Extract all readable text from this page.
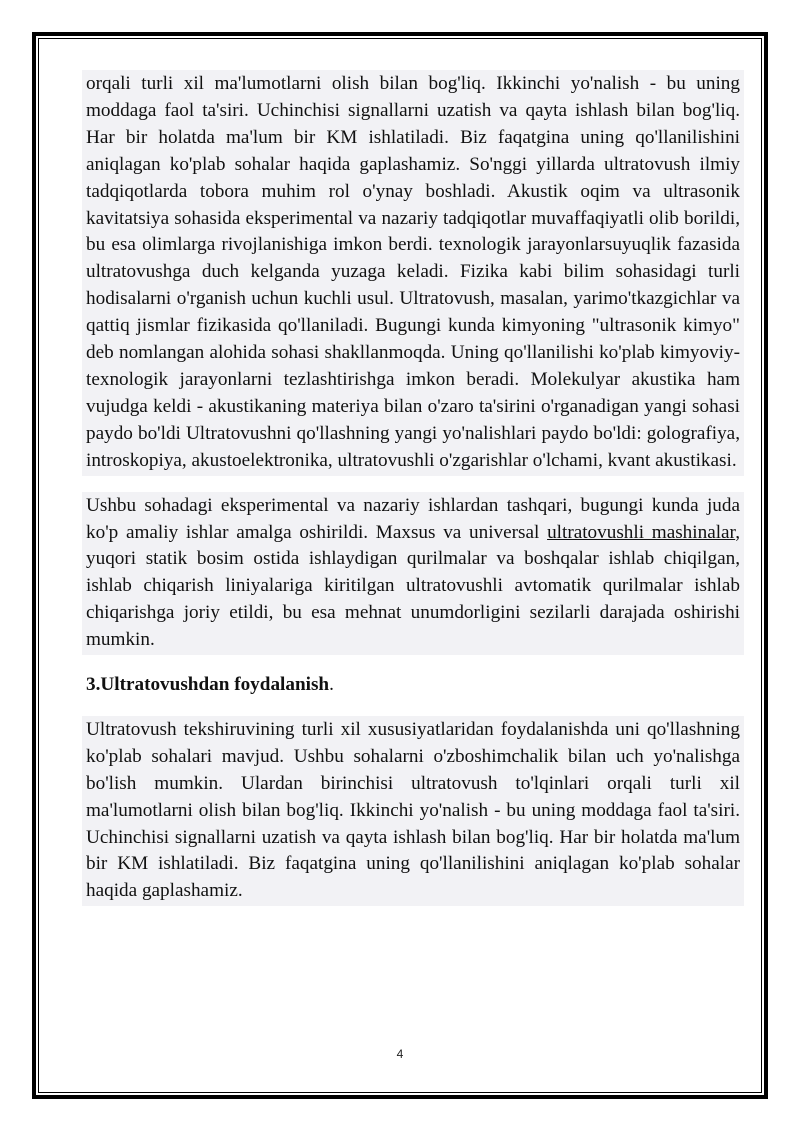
orqali turli xil ma'lumotlarni olish bilan bog'liq. Ikkinchi yo'nalish - bu uning moddaga faol ta'siri. Uchinchisi signallarni uzatish va qayta ishlash bilan bog'liq. Har bir holatda ma'lum bir KM ishlatiladi. Biz faqatgina uning qo'llanilishini aniqlagan ko'plab sohalar haqida gaplashamiz. So'nggi yillarda ultratovush ilmiy tadqiqotlarda tobora muhim rol o'ynay boshladi. Akustik oqim va ultrasonik kavitatsiya sohasida eksperimental va nazariy tadqiqotlar muvaffaqiyatli olib borildi, bu esa olimlarga rivojlanishiga imkon berdi. texnologik jarayonlarsuyuqlik fazasida ultratovushga duch kelganda yuzaga keladi. Fizika kabi bilim sohasidagi turli hodisalarni o'rganish uchun kuchli usul. Ultratovush, masalan, yarimo'tkazgichlar va qattiq jismlar fizikasida qo'llaniladi. Bugungi kunda kimyoning "ultrasonik kimyo" deb nomlangan alohida sohasi shakllanmoqda. Uning qo'llanilishi ko'plab kimyoviy-texnologik jarayonlarni tezlashtirishga imkon beradi. Molekulyar akustika ham vujudga keldi - akustikaning materiya bilan o'zaro ta'sirini o'rganadigan yangi sohasi paydo bo'ldi Ultratovushni qo'llashning yangi yo'nalishlari paydo bo'ldi: golografiya, introskopiya, akustoelektronika, ultratovushli o'zgarishlar o'lchami, kvant akustikasi.

Ushbu sohadagi eksperimental va nazariy ishlardan tashqari, bugungi kunda juda ko'p amaliy ishlar amalga oshirildi. Maxsus va universal ultratovushli mashinalar, yuqori statik bosim ostida ishlaydigan qurilmalar va boshqalar ishlab chiqilgan, ishlab chiqarish liniyalariga kiritilgan ultratovushli avtomatik qurilmalar ishlab chiqarishga joriy etildi, bu esa mehnat unumdorligini sezilarli darajada oshirishi mumkin.

3.Ultratovushdan foydalanish.

Ultratovush tekshiruvining turli xil xususiyatlaridan foydalanishda uni qo'llashning ko'plab sohalari mavjud. Ushbu sohalarni o'zboshimchalik bilan uch yo'nalishga bo'lish mumkin. Ulardan birinchisi ultratovush to'lqinlari orqali turli xil ma'lumotlarni olish bilan bog'liq. Ikkinchi yo'nalish - bu uning moddaga faol ta'siri. Uchinchisi signallarni uzatish va qayta ishlash bilan bog'liq. Har bir holatda ma'lum bir KM ishlatiladi. Biz faqatgina uning qo'llanilishini aniqlagan ko'plab sohalar haqida gaplashamiz.

4
